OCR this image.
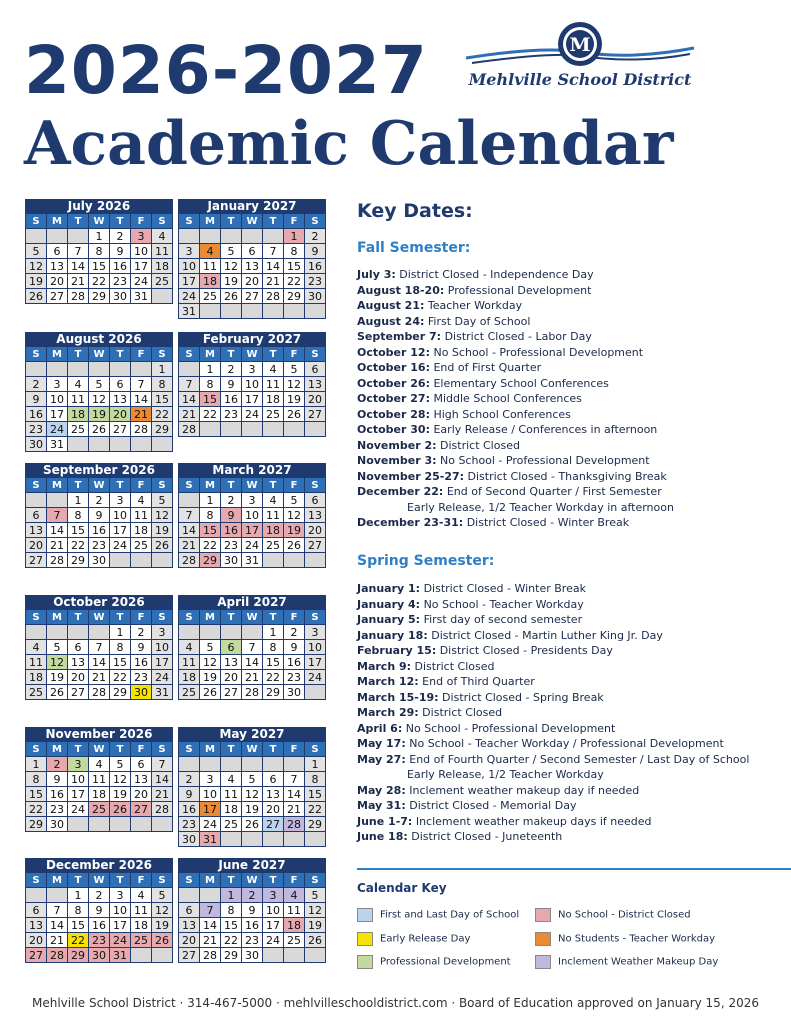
2026-2027
Academic Calendar
M
Mehlville School District
July 2026
S	M	T	W	T	F	S
			1	2	3	4
5	6	7	8	9	10	11
12	13	14	15	16	17	18
19	20	21	22	23	24	25
26	27	28	29	30	31	
January 2027
S	M	T	W	T	F	S
					1	2
3	4	5	6	7	8	9
10	11	12	13	14	15	16
17	18	19	20	21	22	23
24	25	26	27	28	29	30
31						
August 2026
S	M	T	W	T	F	S
						1
2	3	4	5	6	7	8
9	10	11	12	13	14	15
16	17	18	19	20	21	22
23	24	25	26	27	28	29
30	31					
February 2027
S	M	T	W	T	F	S
	1	2	3	4	5	6
7	8	9	10	11	12	13
14	15	16	17	18	19	20
21	22	23	24	25	26	27
28						
September 2026
S	M	T	W	T	F	S
		1	2	3	4	5
6	7	8	9	10	11	12
13	14	15	16	17	18	19
20	21	22	23	24	25	26
27	28	29	30			
March 2027
S	M	T	W	T	F	S
	1	2	3	4	5	6
7	8	9	10	11	12	13
14	15	16	17	18	19	20
21	22	23	24	25	26	27
28	29	30	31			
October 2026
S	M	T	W	T	F	S
				1	2	3
4	5	6	7	8	9	10
11	12	13	14	15	16	17
18	19	20	21	22	23	24
25	26	27	28	29	30	31
April 2027
S	M	T	W	T	F	S
				1	2	3
4	5	6	7	8	9	10
11	12	13	14	15	16	17
18	19	20	21	22	23	24
25	26	27	28	29	30	
November 2026
S	M	T	W	T	F	S
1	2	3	4	5	6	7
8	9	10	11	12	13	14
15	16	17	18	19	20	21
22	23	24	25	26	27	28
29	30					
May 2027
S	M	T	W	T	F	S
						1
2	3	4	5	6	7	8
9	10	11	12	13	14	15
16	17	18	19	20	21	22
23	24	25	26	27	28	29
30	31					
December 2026
S	M	T	W	T	F	S
		1	2	3	4	5
6	7	8	9	10	11	12
13	14	15	16	17	18	19
20	21	22	23	24	25	26
27	28	29	30	31		
June 2027
S	M	T	W	T	F	S
		1	2	3	4	5
6	7	8	9	10	11	12
13	14	15	16	17	18	19
20	21	22	23	24	25	26
27	28	29	30			
Key Dates:
Fall Semester:
July 3: District Closed - Independence Day
August 18-20: Professional Development
August 21: Teacher Workday
August 24: First Day of School
September 7: District Closed - Labor Day
October 12: No School - Professional Development
October 16: End of First Quarter
October 26: Elementary School Conferences
October 27: Middle School Conferences
October 28: High School Conferences
October 30: Early Release / Conferences in afternoon
November 2: District Closed
November 3: No School - Professional Development
November 25-27: District Closed - Thanksgiving Break
December 22: End of Second Quarter / First Semester
Early Release, 1/2 Teacher Workday in afternoon
December 23-31: District Closed - Winter Break
Spring Semester:
January 1: District Closed - Winter Break
January 4: No School - Teacher Workday
January 5: First day of second semester
January 18: District Closed - Martin Luther King Jr. Day
February 15: District Closed - Presidents Day
March 9: District Closed
March 12: End of Third Quarter
March 15-19: District Closed - Spring Break
March 29: District Closed
April 6: No School - Professional Development
May 17: No School - Teacher Workday / Professional Development
May 27: End of Fourth Quarter / Second Semester / Last Day of School
Early Release, 1/2 Teacher Workday
May 28: Inclement weather makeup day if needed
May 31: District Closed - Memorial Day
June 1-7: Inclement weather makeup days if needed
June 18: District Closed - Juneteenth
Calendar Key
First and Last Day of School
Early Release Day
Professional Development
No School - District Closed
No Students - Teacher Workday
Inclement Weather Makeup Day
Mehlville School District · 314-467-5000 · mehlvilleschooldistrict.com · Board of Education approved on January 15, 2026
